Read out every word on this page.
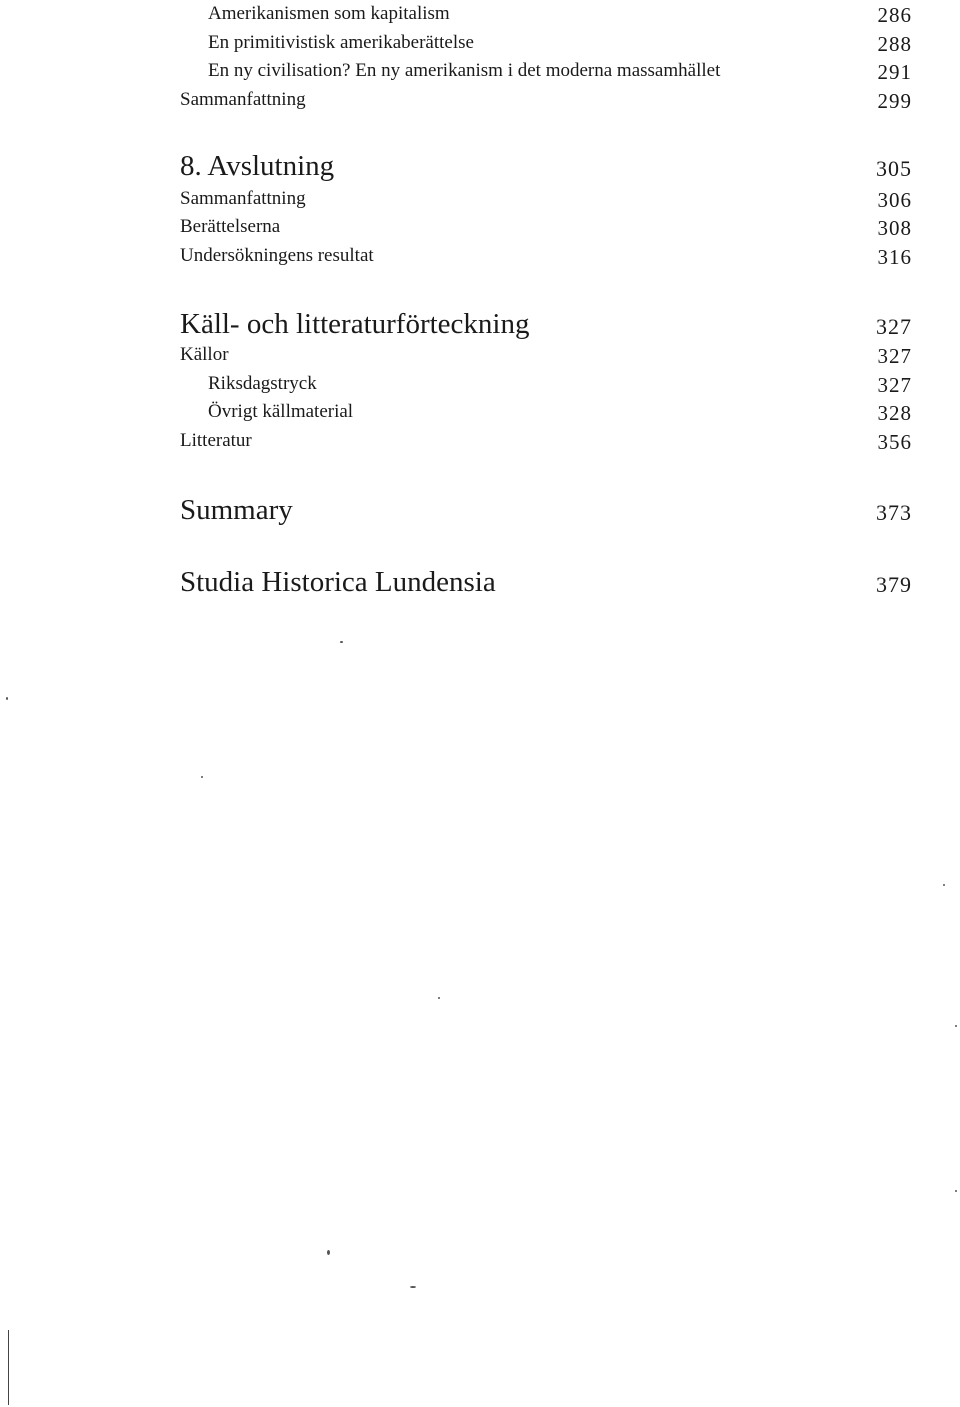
Amerikanismen som kapitalism	286
En primitivistisk amerikaberättelse	288
En ny civilisation? En ny amerikanism i det moderna massamhället	291
Sammanfattning	299
8. Avslutning	305
Sammanfattning	306
Berättelserna	308
Undersökningens resultat	316
Käll- och litteraturförteckning	327
Källor	327
Riksdagstryck	327
Övrigt källmaterial	328
Litteratur	356
Summary	373
Studia Historica Lundensia	379
